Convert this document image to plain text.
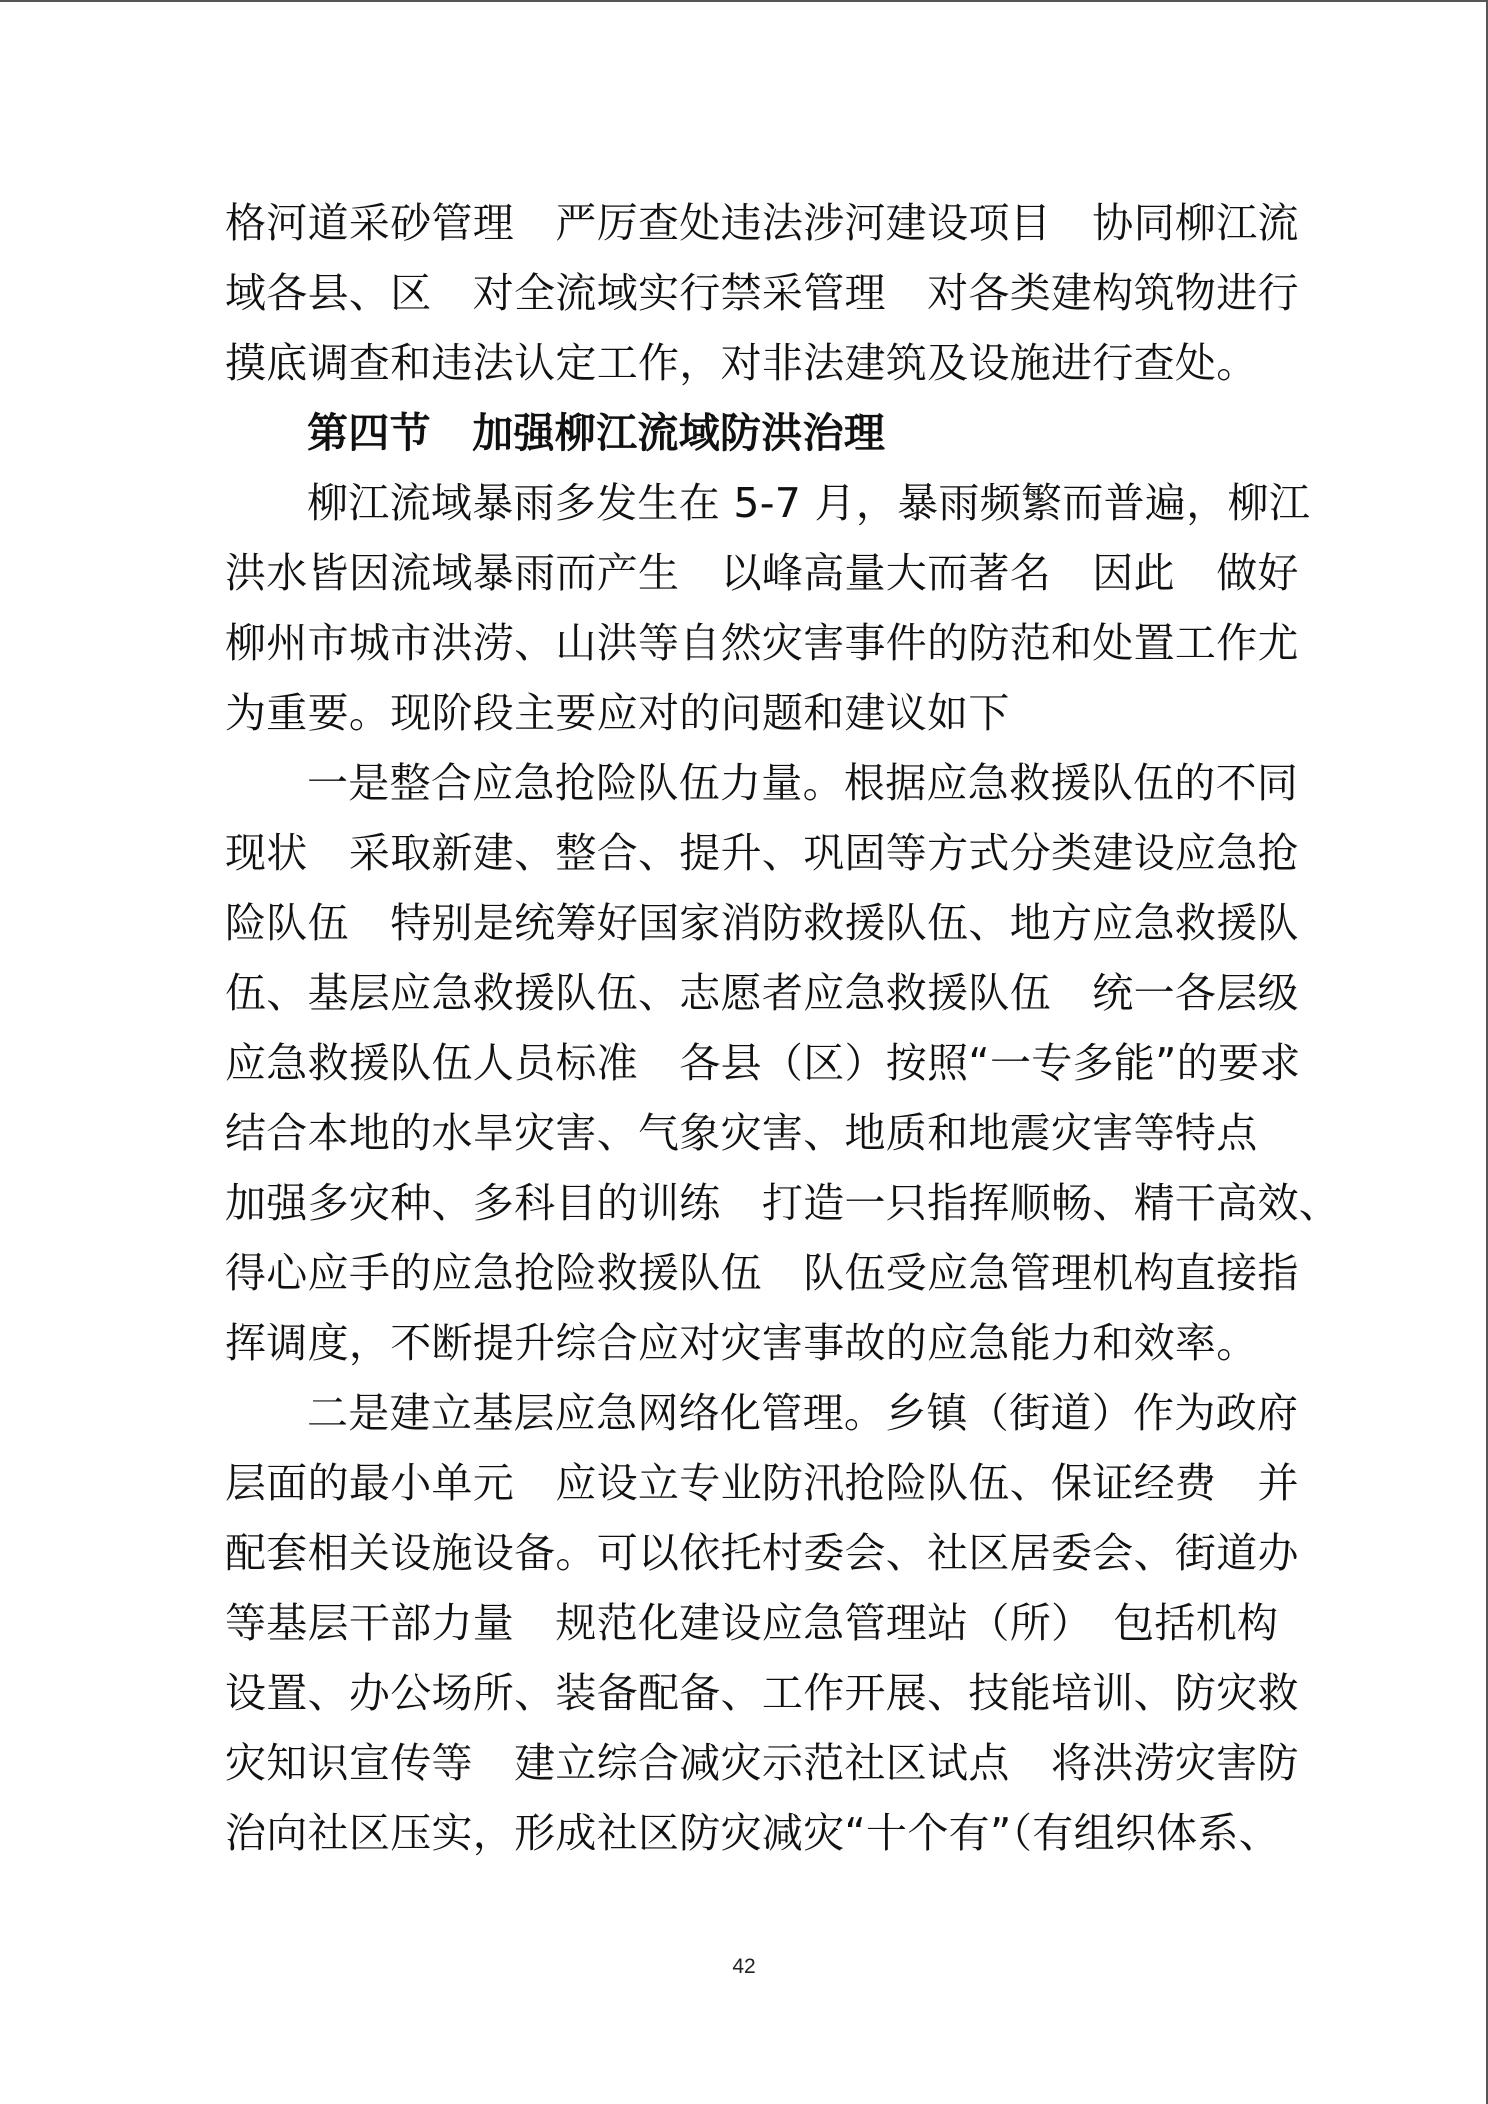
格河道采砂管理　严厉查处违法涉河建设项目　协同柳江流
域各县、区　对全流域实行禁采管理　对各类建构筑物进行
摸底调查和违法认定工作，对非法建筑及设施进行查处。
第四节　加强柳江流域防洪治理
柳江流域暴雨多发生在 5-7 月，暴雨频繁而普遍，柳江
洪水皆因流域暴雨而产生　以峰高量大而著名　因此　做好
柳州市城市洪涝、山洪等自然灾害事件的防范和处置工作尤
为重要。现阶段主要应对的问题和建议如下
一是整合应急抢险队伍力量。根据应急救援队伍的不同
现状　采取新建、整合、提升、巩固等方式分类建设应急抢
险队伍　特别是统筹好国家消防救援队伍、地方应急救援队
伍、基层应急救援队伍、志愿者应急救援队伍　统一各层级
应急救援队伍人员标准　各县（区）按照“一专多能”的要求
结合本地的水旱灾害、气象灾害、地质和地震灾害等特点
加强多灾种、多科目的训练　打造一只指挥顺畅、精干高效、
得心应手的应急抢险救援队伍　队伍受应急管理机构直接指
挥调度，不断提升综合应对灾害事故的应急能力和效率。
二是建立基层应急网络化管理。乡镇（街道）作为政府
层面的最小单元　应设立专业防汛抢险队伍、保证经费　并
配套相关设施设备。可以依托村委会、社区居委会、街道办
等基层干部力量　规范化建设应急管理站（所）　包括机构
设置、办公场所、装备配备、工作开展、技能培训、防灾救
灾知识宣传等　建立综合减灾示范社区试点　将洪涝灾害防
治向社区压实，形成社区防灾减灾“十个有”（有组织体系、
42
